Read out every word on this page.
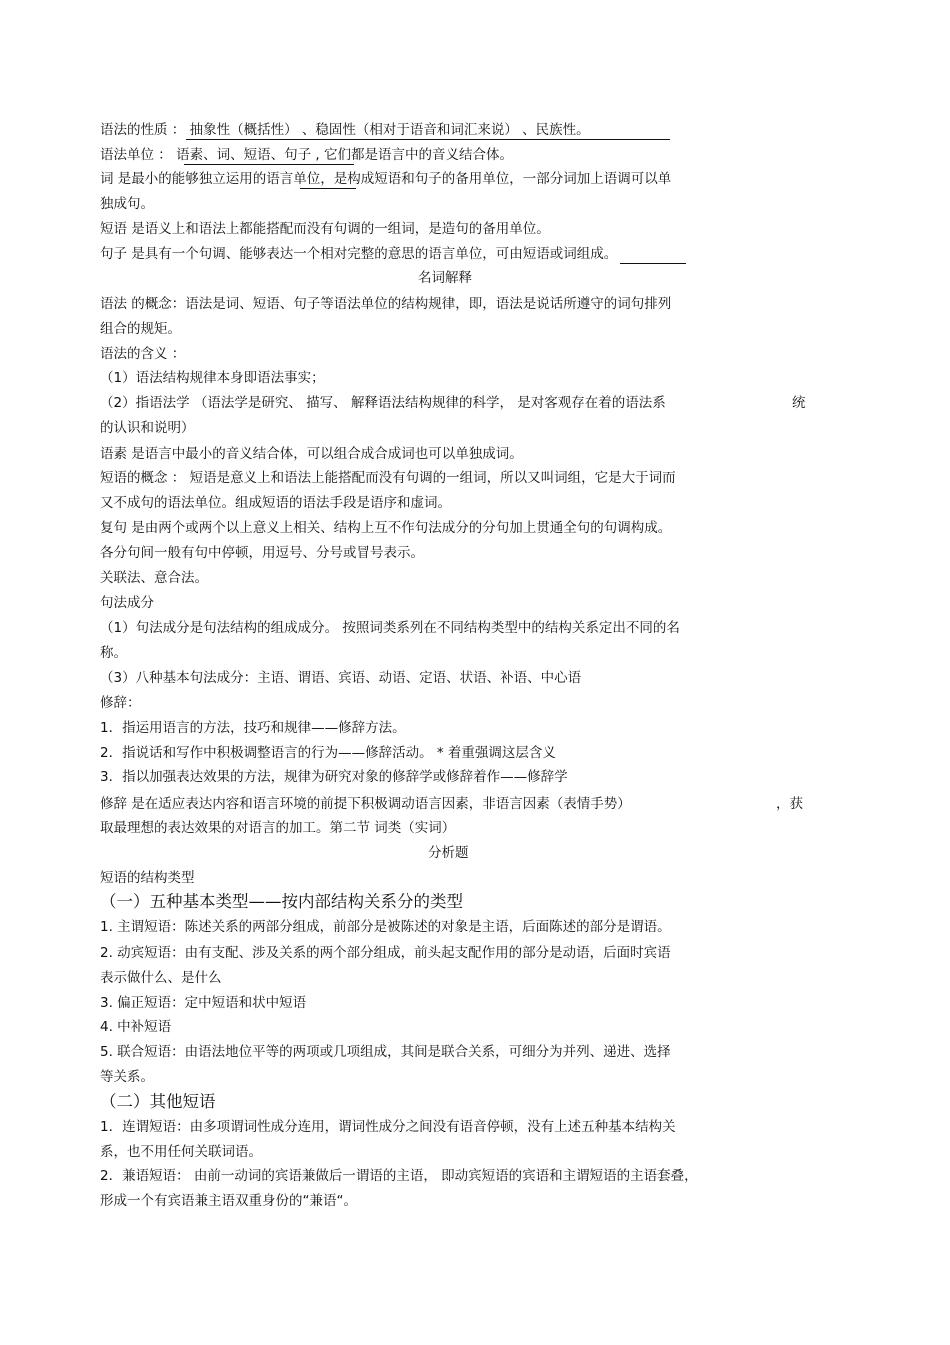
语法的性质 ： 抽象性（概括性） 、稳固性（相对于语音和词汇来说） 、民族性。
语法单位 ： 语素、词、短语、句子 , 它们都是语言中的音义结合体。
词 是最小的能够独立运用的语言单位，是构成短语和句子的备用单位，一部分词加上语调可以单
独成句。
短语 是语义上和语法上都能搭配而没有句调的一组词，是造句的备用单位。
句子 是具有一个句调、能够表达一个相对完整的意思的语言单位，可由短语或词组成。
名词解释
语法 的概念：语法是词、短语、句子等语法单位的结构规律，即，语法是说话所遵守的词句排列
组合的规矩。
语法的含义 ：
（1）语法结构规律本身即语法事实；
（2）指语法学 （语法学是研究、 描写、 解释语法结构规律的科学， 是对客观存在着的语法系	统
的认识和说明）
语素 是语言中最小的音义结合体，可以组合成合成词也可以单独成词。
短语的概念 ： 短语是意义上和语法上能搭配而没有句调的一组词，所以又叫词组，它是大于词而
又不成句的语法单位。组成短语的语法手段是语序和虚词。
复句 是由两个或两个以上意义上相关、结构上互不作句法成分的分句加上贯通全句的句调构成。
各分句间一般有句中停顿，用逗号、分号或冒号表示。
关联法、意合法。
句法成分
（1）句法成分是句法结构的组成成分。 按照词类系列在不同结构类型中的结构关系定出不同的名
称。
（3）八种基本句法成分：主语、谓语、宾语、动语、定语、状语、补语、中心语
修辞：
1．指运用语言的方法，技巧和规律——修辞方法。
2．指说话和写作中积极调整语言的行为——修辞活动。 * 着重强调这层含义
3．指以加强表达效果的方法，规律为研究对象的修辞学或修辞着作——修辞学
修辞 是在适应表达内容和语言环境的前提下积极调动语言因素，非语言因素（表情手势）	，获
取最理想的表达效果的对语言的加工。第二节 词类（实词）
分析题
短语的结构类型
（一）五种基本类型——按内部结构关系分的类型
1. 主谓短语：陈述关系的两部分组成，前部分是被陈述的对象是主语，后面陈述的部分是谓语。
2. 动宾短语：由有支配、涉及关系的两个部分组成，前头起支配作用的部分是动语，后面时宾语
表示做什么、是什么
3. 偏正短语：定中短语和状中短语
4. 中补短语
5. 联合短语：由语法地位平等的两项或几项组成，其间是联合关系，可细分为并列、递进、选择
等关系。
（二）其他短语
1．连谓短语：由多项谓词性成分连用，谓词性成分之间没有语音停顿，没有上述五种基本结构关
系，也不用任何关联词语。
2．兼语短语： 由前一动词的宾语兼做后一谓语的主语， 即动宾短语的宾语和主谓短语的主语套叠，
形成一个有宾语兼主语双重身份的“兼语“。
